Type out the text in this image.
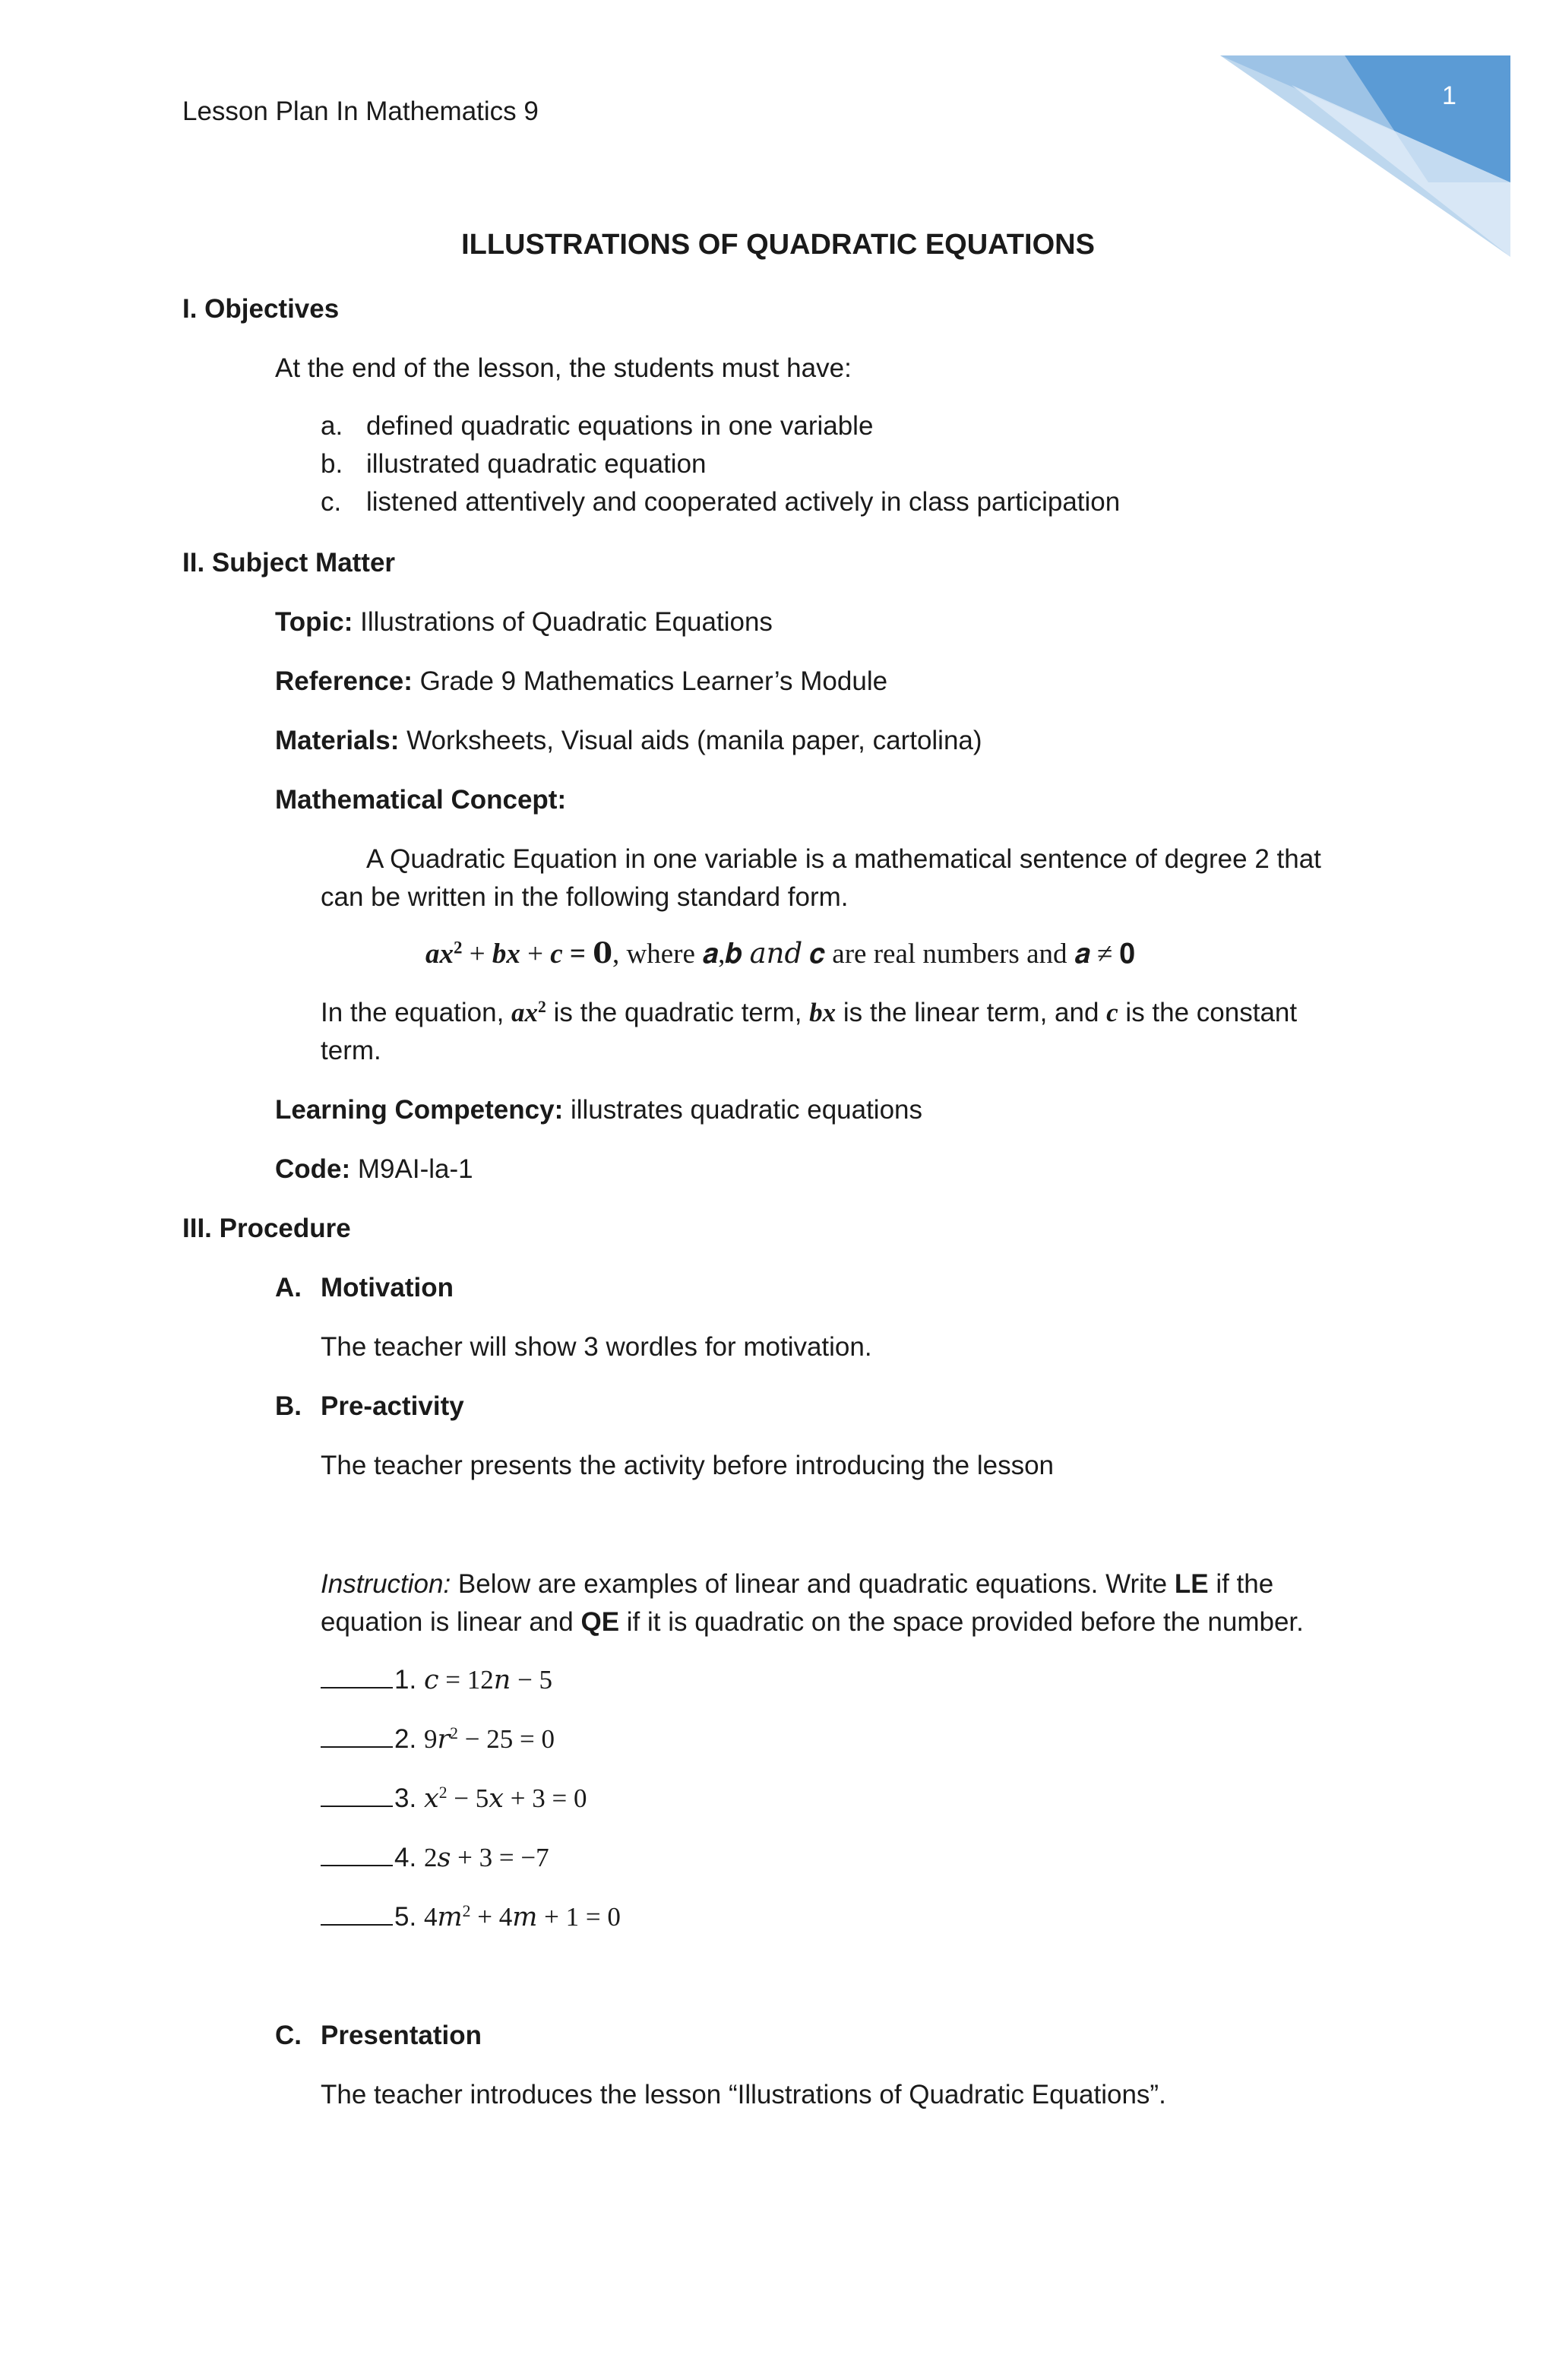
1
Lesson Plan In Mathematics 9
ILLUSTRATIONS OF QUADRATIC EQUATIONS
I. Objectives
At the end of the lesson, the students must have:
a. defined quadratic equations in one variable
b. illustrated quadratic equation
c. listened attentively and cooperated actively in class participation
II. Subject Matter
Topic: Illustrations of Quadratic Equations
Reference: Grade 9 Mathematics Learner’s Module
Materials: Worksheets, Visual aids (manila paper, cartolina)
Mathematical Concept:
A Quadratic Equation in one variable is a mathematical sentence of degree 2 that
can be written in the following standard form.
$ax^2$ + bx + c = 𝟎, where 𝒂,𝒃 𝑎𝑛𝑑 𝒄 are real numbers and 𝒂 ≠ 𝟎
In the equation, $ax^2$ is the quadratic term, bx is the linear term, and c is the constant
term.
Learning Competency: illustrates quadratic equations
Code: M9AI-la-1
III. Procedure
A. Motivation
The teacher will show 3 wordles for motivation.
B. Pre-activity
The teacher presents the activity before introducing the lesson
Instruction: Below are examples of linear and quadratic equations. Write LE if the
equation is linear and QE if it is quadratic on the space provided before the number.
1. 𝑐 = 12𝑛 − 5
2. 9𝑟$^2$ − 25 = 0
3. 𝑥$^2$ − 5𝑥 + 3 = 0
4. 2𝑠 + 3 = −7
5. 4𝑚$^2$ + 4𝑚 + 1 = 0
C. Presentation
The teacher introduces the lesson “Illustrations of Quadratic Equations”.
